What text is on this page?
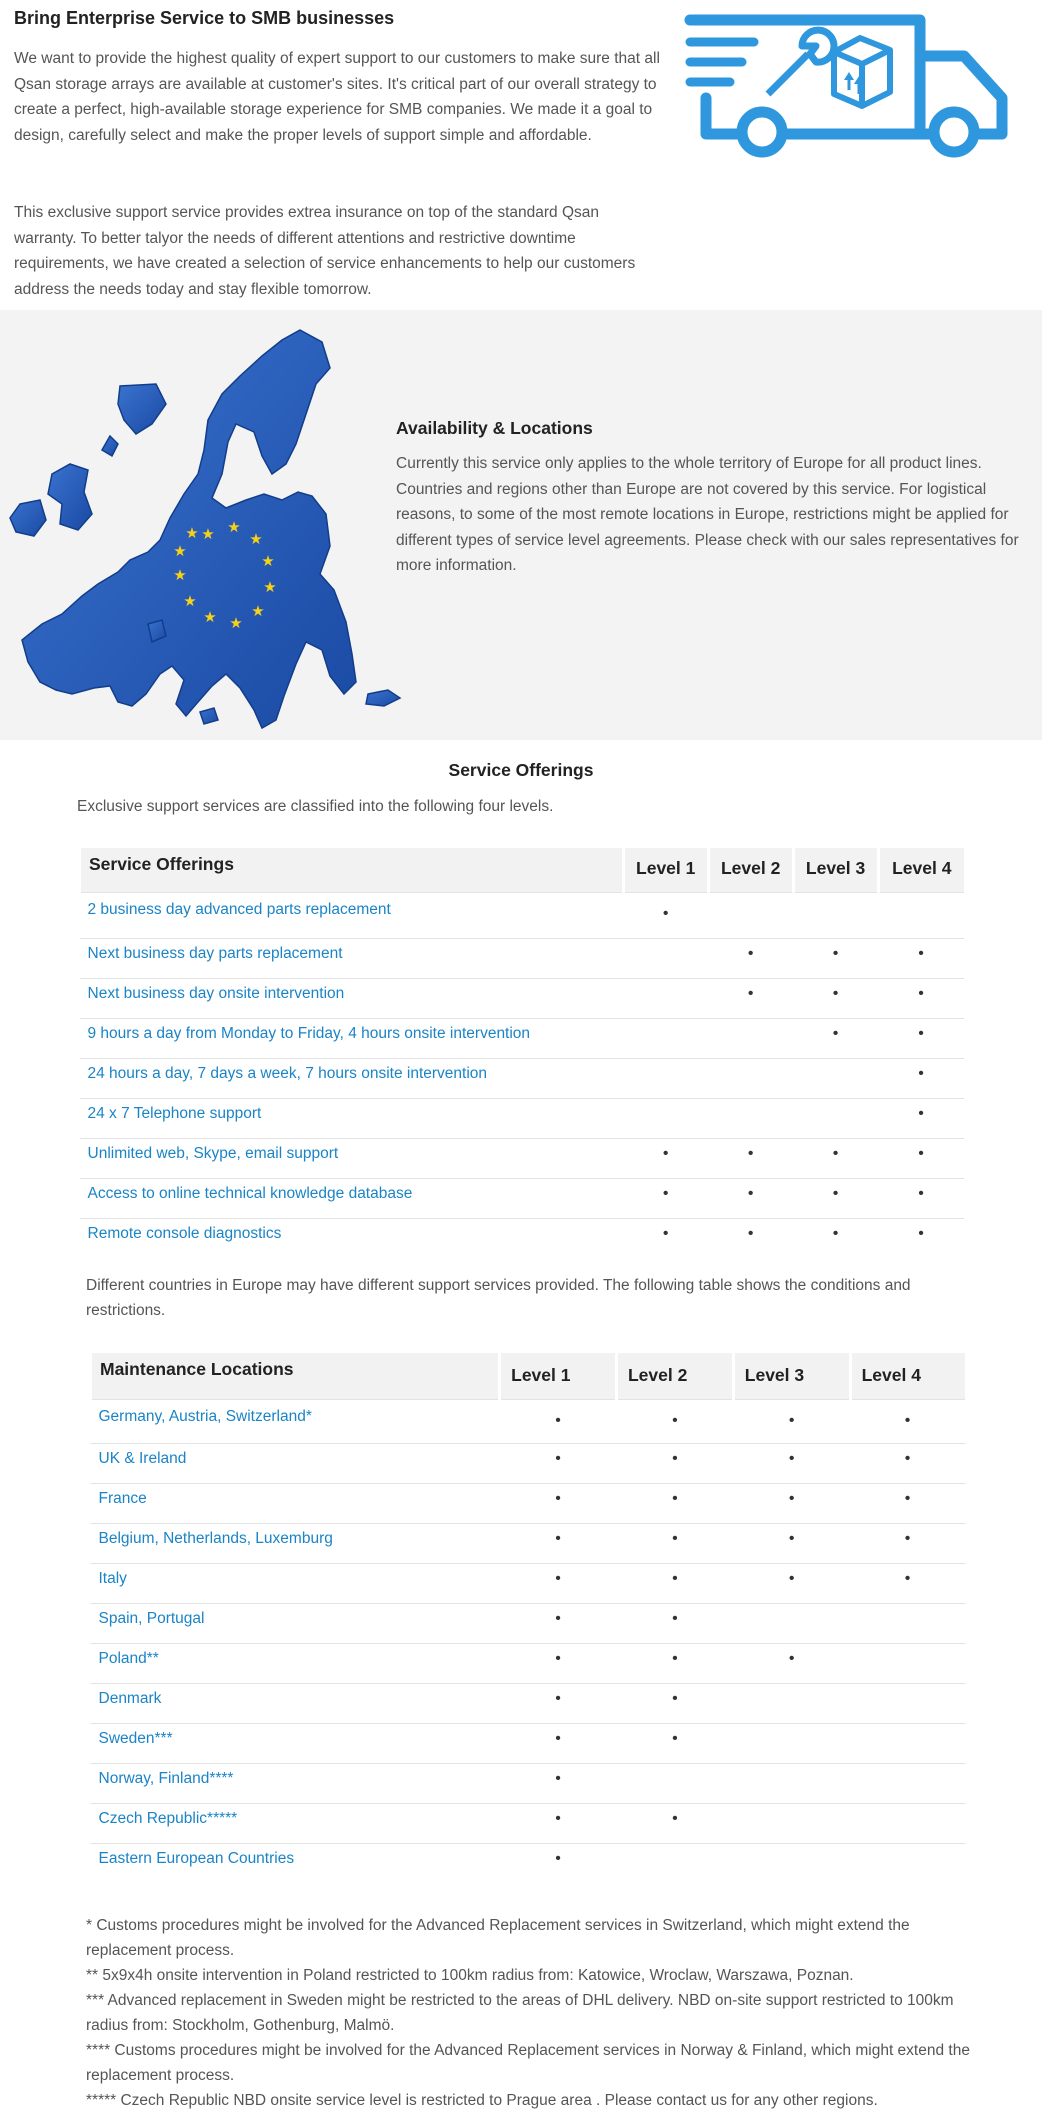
Bring Enterprise Service to SMB businesses

We want to provide the highest quality of expert support to our customers to make sure that all Qsan storage arrays are available at customer's sites. It's critical part of our overall strategy to create a perfect, high-available storage experience for SMB companies. We made it a goal to design, carefully select and make the proper levels of support simple and affordable.

This exclusive support service provides extrea insurance on top of the standard Qsan warranty. To better talyor the needs of different attentions and restrictive downtime requirements, we have created a selection of service enhancements to help our customers address the needs today and stay flexible tomorrow.

★ ★
★
★
★
★
★
★
★
★
★
★
Availability & Locations

Currently this service only applies to the whole territory of Europe for all product lines. Countries and regions other than Europe are not covered by this service. For logistical reasons, to some of the most remote locations in Europe, restrictions might be applied for different types of service level agreements. Please check with our sales representatives for more information.

Service Offerings
Exclusive support services are classified into the following four levels.
Service Offerings	Level 1	Level 2	Level 3	Level 4
2 business day advanced parts replacement	•			
Next business day parts replacement		•	•	•
Next business day onsite intervention		•	•	•
9 hours a day from Monday to Friday, 4 hours onsite intervention			•	•
24 hours a day, 7 days a week, 7 hours onsite intervention				•
24 x 7 Telephone support				•
Unlimited web, Skype, email support	•	•	•	•
Access to online technical knowledge database	•	•	•	•
Remote console diagnostics	•	•	•	•
Different countries in Europe may have different support services provided. The following table shows the conditions and restrictions.
Maintenance Locations	Level 1	Level 2	Level 3	Level 4
Germany, Austria, Switzerland*	•	•	•	•
UK & Ireland	•	•	•	•
France	•	•	•	•
Belgium, Netherlands, Luxemburg	•	•	•	•
Italy	•	•	•	•
Spain, Portugal	•	•		
Poland**	•	•	•	
Denmark	•	•		
Sweden***	•	•		
Norway, Finland****	•			
Czech Republic*****	•	•		
Eastern European Countries	•			
* Customs procedures might be involved for the Advanced Replacement services in Switzerland, which might extend the replacement process.
** 5x9x4h onsite intervention in Poland restricted to 100km radius from: Katowice, Wroclaw, Warszawa, Poznan.
*** Advanced replacement in Sweden might be restricted to the areas of DHL delivery. NBD on-site support restricted to 100km radius from: Stockholm, Gothenburg, Malmö.
**** Customs procedures might be involved for the Advanced Replacement services in Norway & Finland, which might extend the replacement process.
***** Czech Republic NBD onsite service level is restricted to Prague area . Please contact us for any other regions.
